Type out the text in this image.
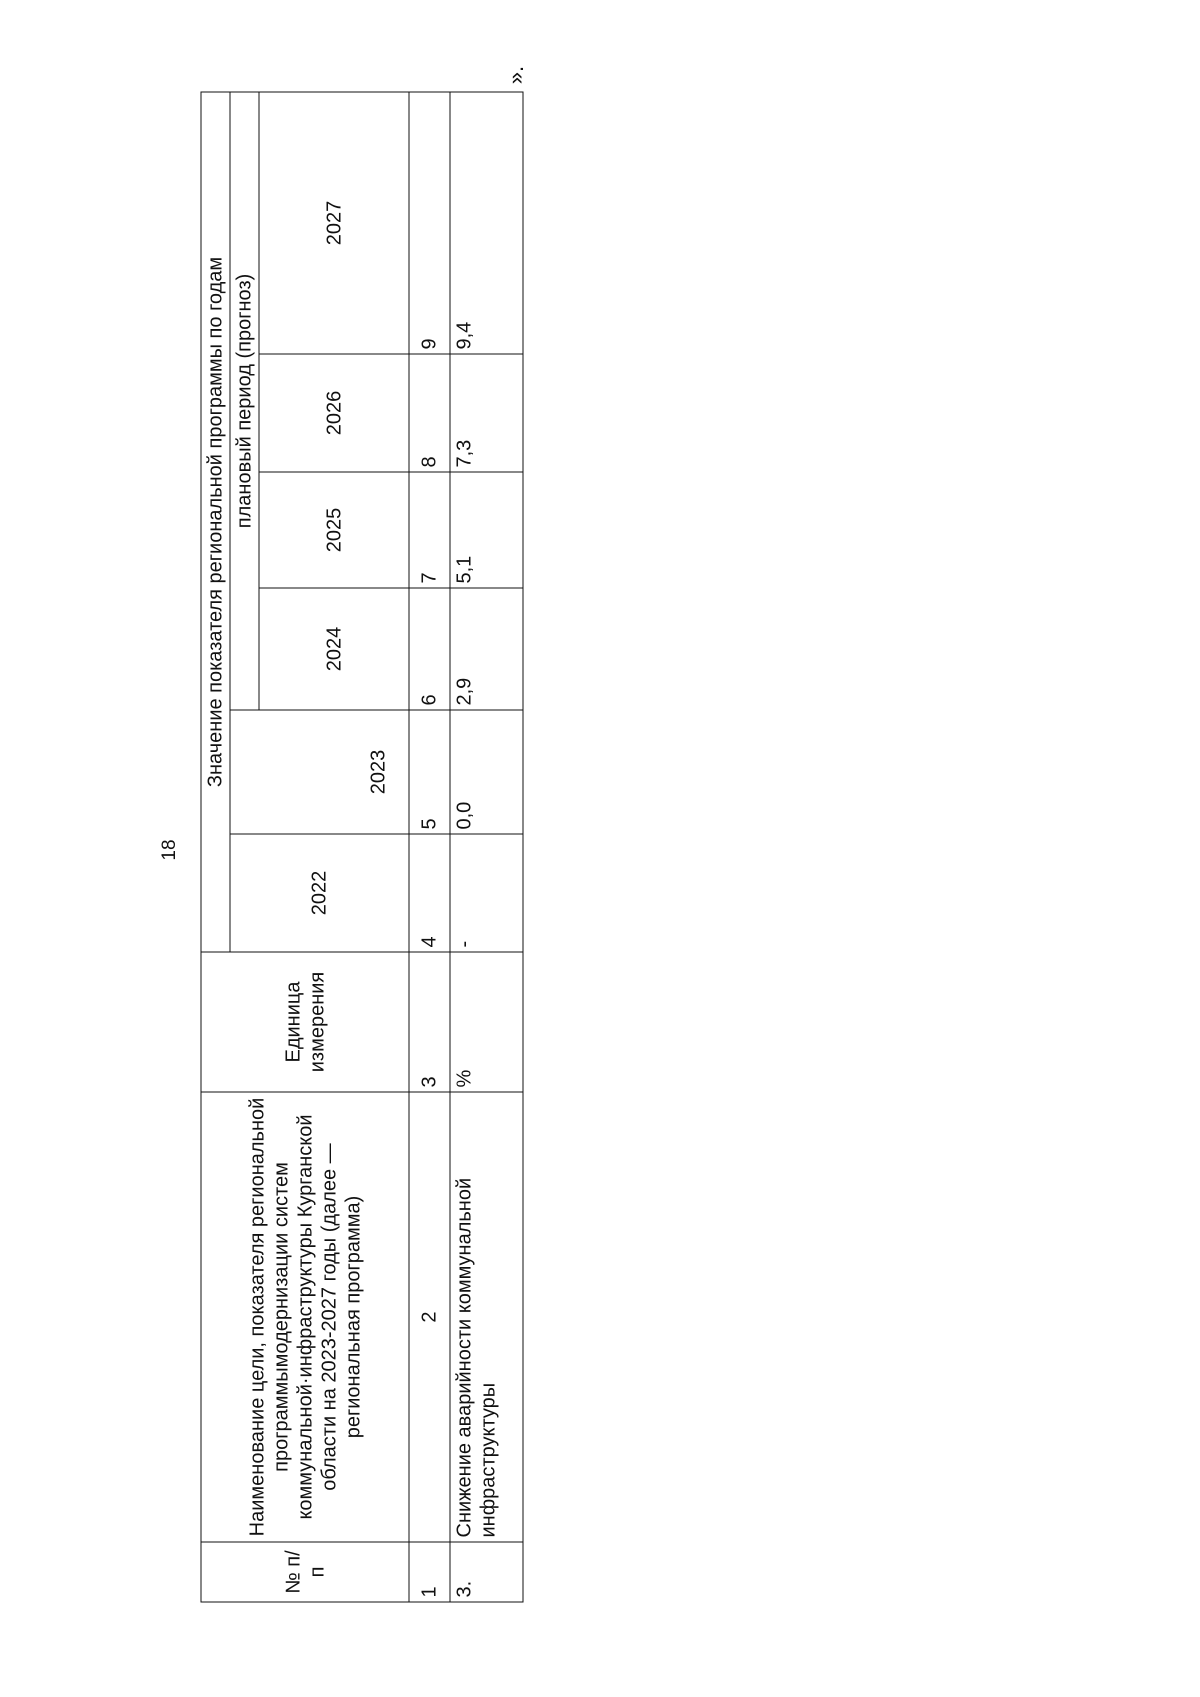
18
».
№ п/п	Наименование цели, показателя региональной программымодернизации систем коммунальной·инфраструктуры Курганской области на 2023-2027 годы (далее — региональная программа)	Единица измерения	Значение показателя региональной программы по годам					
			2022		плановый период (прогноз)			
				2023	2024	2025	2026	2027
1	2	3	4	5	6	7	8	9
3.	Снижение аварийности коммунальной инфраструктуры	%	-	0,0	2,9	5,1	7,3	9,4
